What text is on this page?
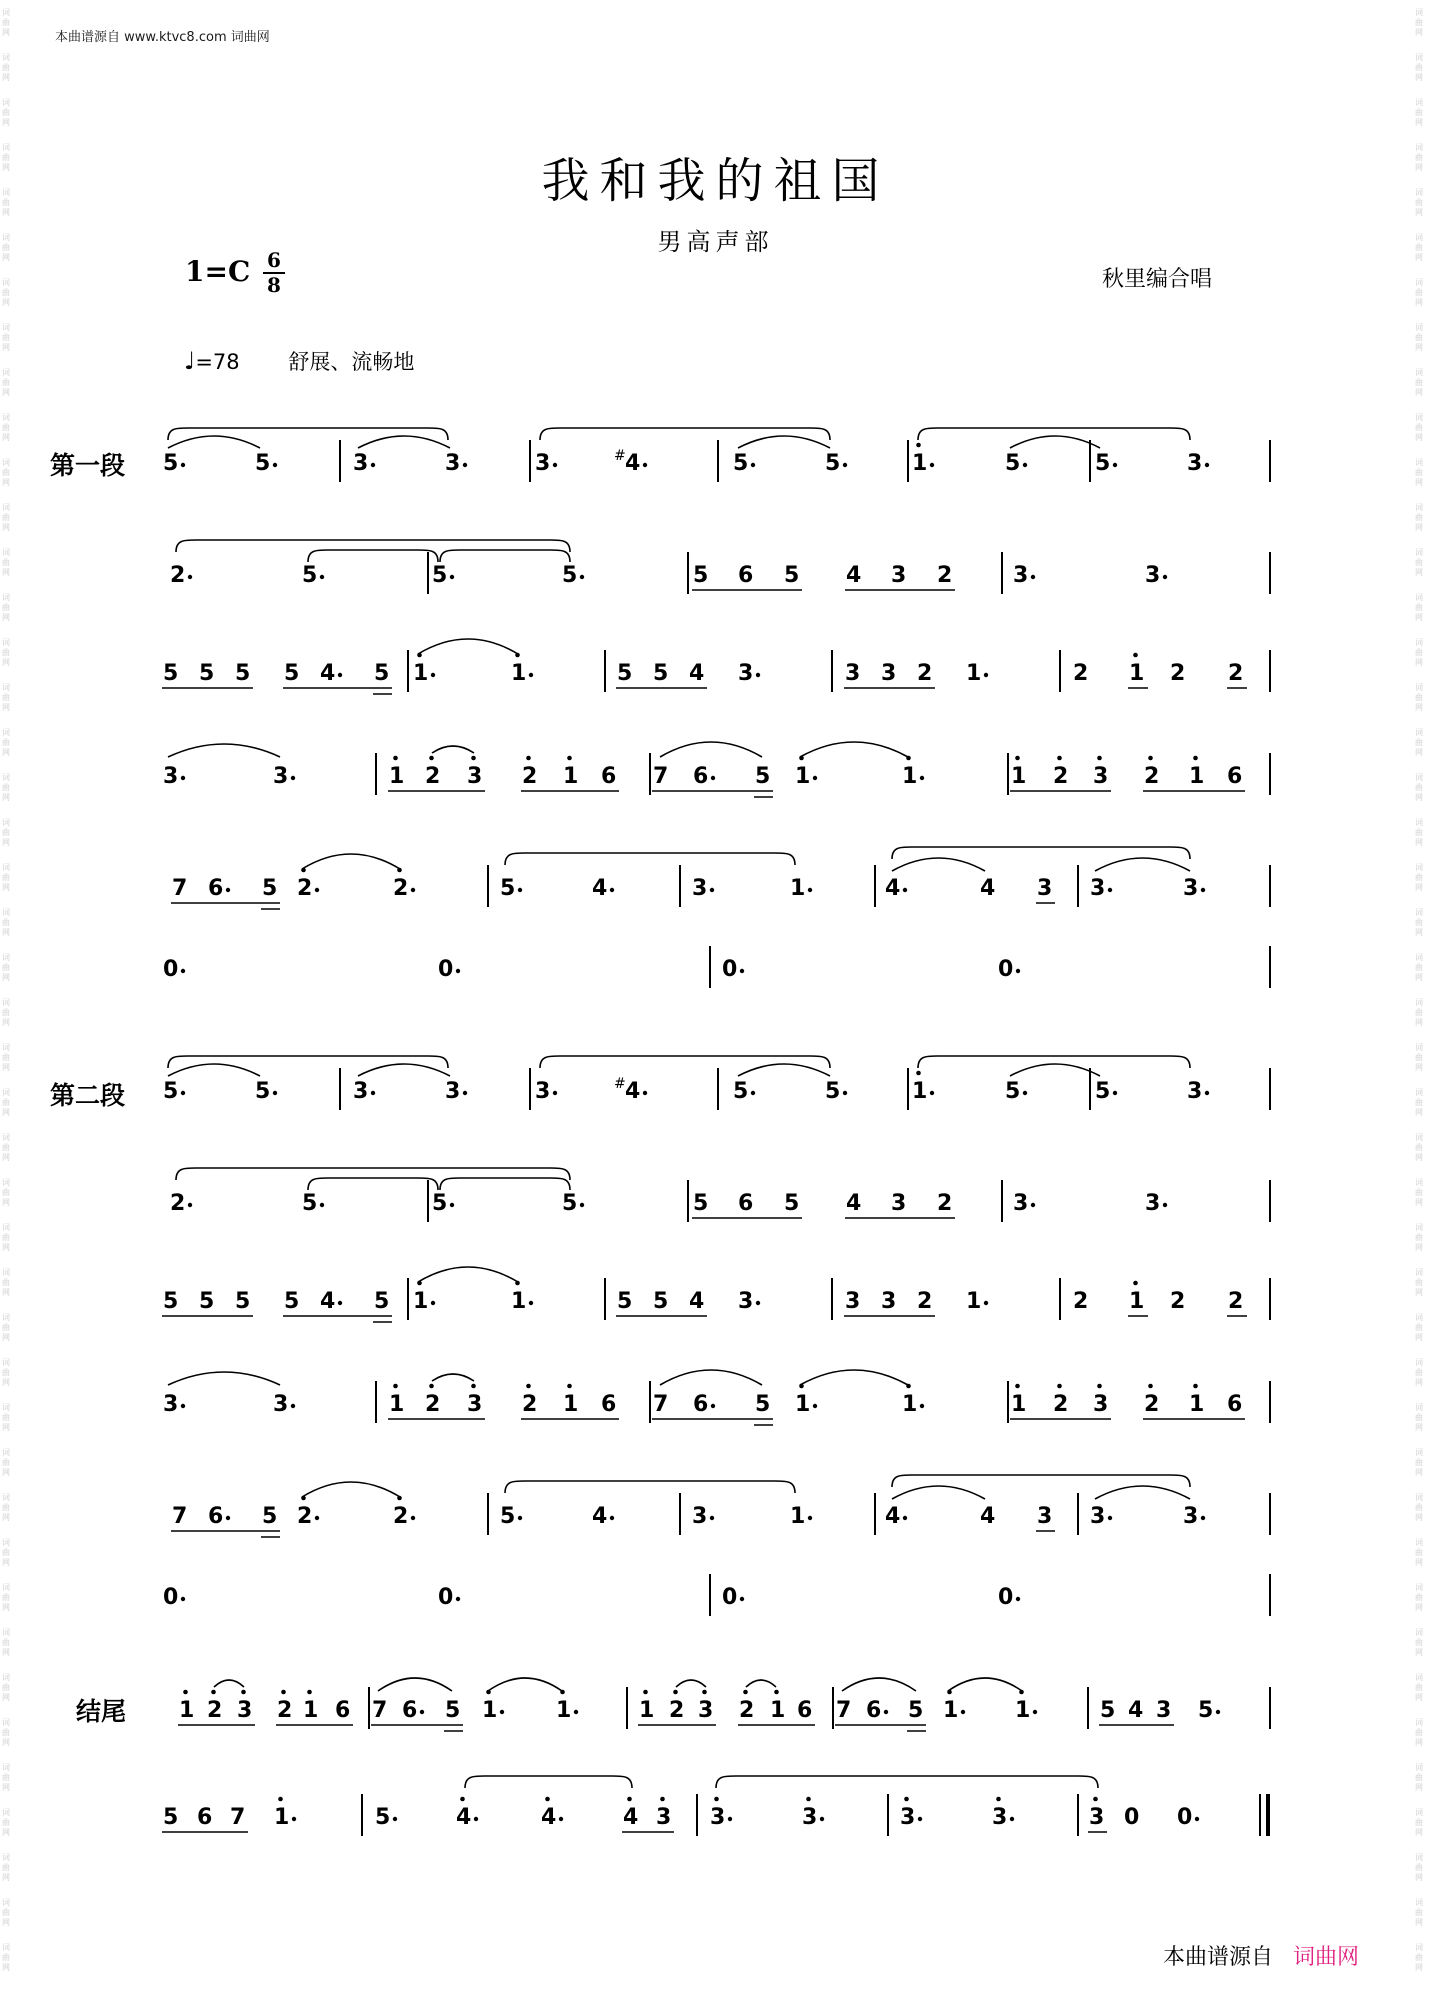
词曲网
词曲网
词曲网
词曲网
词曲网
词曲网
词曲网
词曲网
词曲网
词曲网
词曲网
词曲网
词曲网
词曲网
词曲网
词曲网
词曲网
词曲网
词曲网
词曲网
词曲网
词曲网
词曲网
词曲网
词曲网
词曲网
词曲网
词曲网
词曲网
词曲网
词曲网
词曲网
词曲网
词曲网
词曲网
词曲网
词曲网
词曲网
词曲网
词曲网
词曲网
词曲网
词曲网
词曲网
词曲网
词曲网
词曲网
词曲网
词曲网
词曲网
词曲网
词曲网
词曲网
词曲网
词曲网
词曲网
词曲网
词曲网
词曲网
词曲网
词曲网
词曲网
词曲网
词曲网
词曲网
词曲网
词曲网
词曲网
词曲网
词曲网
词曲网
词曲网
词曲网
词曲网
词曲网
词曲网
词曲网
词曲网
词曲网
词曲网
词曲网
词曲网
词曲网
词曲网
词曲网
词曲网
词曲网
词曲网
本曲谱源自 www.ktvc8.com 词曲网
我和我的祖国
男高声部
1=C 6
8	秋里编合唱
♩=78 舒展、流畅地
第一段
第二段
结尾
5	5	3	3	3	# 4	5	5	1	5	5	3
2	5	5	5	5 6 5 4 3 2	3	3
5 5 5 5 4 5 1	1	5 5 4 3	3 3 2 1	2 1 2 2
3	3	1 2 3 2 1 6 7 6 5 1	1	1 2 3 2 1 6
7 6 5 2	2	5	4	3	1	4	4 3 3	3
0	0	0	0
5	5	3	3	3	# 4	5	5	1	5	5	3
2	5	5	5	5 6 5 4 3 2	3	3
5 5 5 5 4 5 1	1	5 5 4 3	3 3 2 1	2 1 2 2
3	3	1 2 3 2 1 6 7 6 5 1	1	1 2 3 2 1 6
7 6 5 2	2	5	4	3	1	4	4 3 3	3
0	0	0	0
1 2 3 2 1 6 7 6 5 1	1	1 2 3 2 1 6 7 6 5 1	1	5 4 3 5
5 6 7 1	5	4	4	4 3 3	3	3	3	3 0 0
本曲谱源自 词曲网
